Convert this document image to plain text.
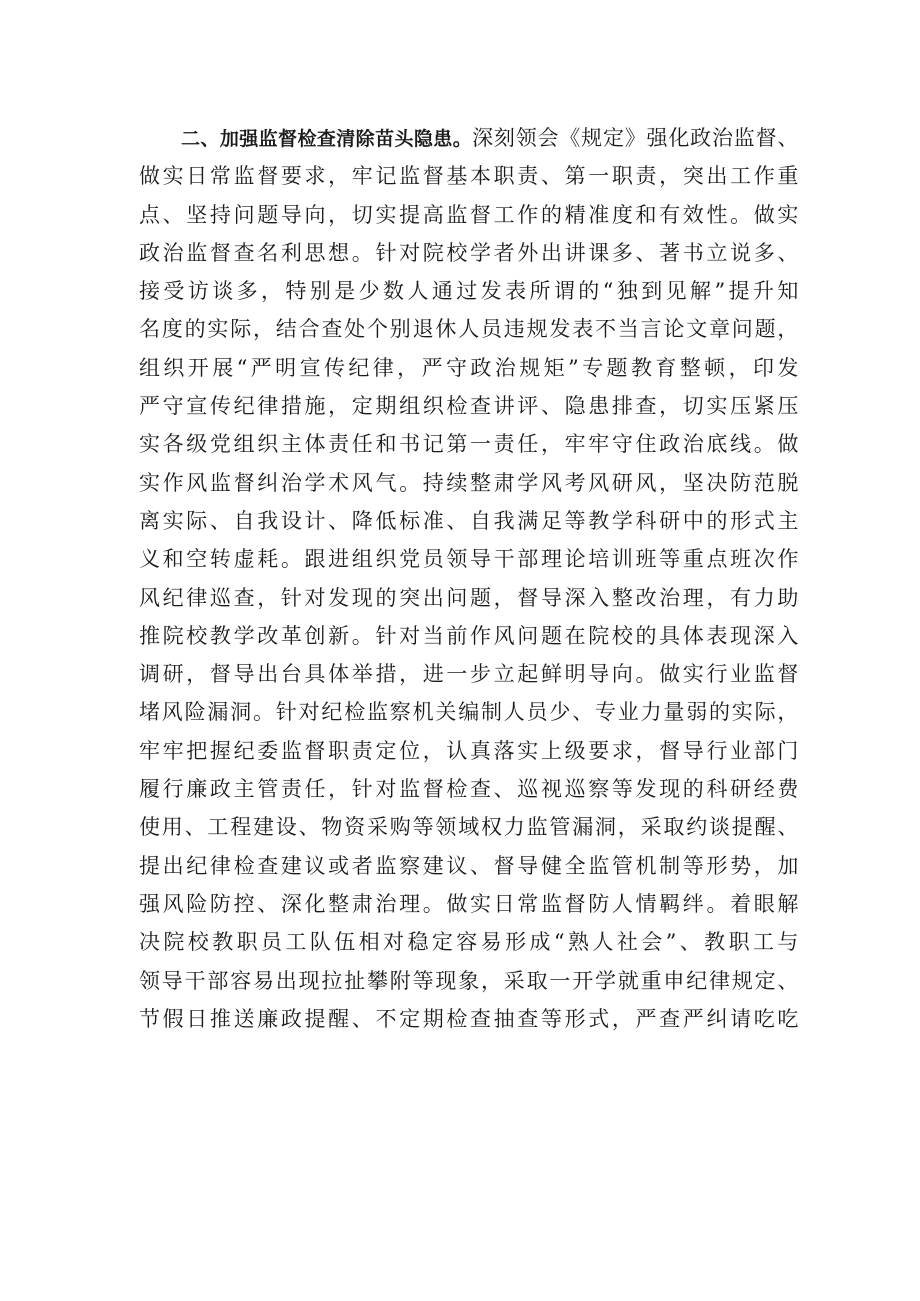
二、加强监督检查清除苗头隐患。深刻领会《规定》强化政治监督、
做实日常监督要求，牢记监督基本职责、第一职责，突出工作重
点、坚持问题导向，切实提高监督工作的精准度和有效性。做实
政治监督查名利思想。针对院校学者外出讲课多、著书立说多、
接受访谈多，特别是少数人通过发表所谓的“独到见解”提升知
名度的实际，结合查处个别退休人员违规发表不当言论文章问题，
组织开展“严明宣传纪律，严守政治规矩”专题教育整顿，印发
严守宣传纪律措施，定期组织检查讲评、隐患排查，切实压紧压
实各级党组织主体责任和书记第一责任，牢牢守住政治底线。做
实作风监督纠治学术风气。持续整肃学风考风研风，坚决防范脱
离实际、自我设计、降低标准、自我满足等教学科研中的形式主
义和空转虚耗。跟进组织党员领导干部理论培训班等重点班次作
风纪律巡查，针对发现的突出问题，督导深入整改治理，有力助
推院校教学改革创新。针对当前作风问题在院校的具体表现深入
调研，督导出台具体举措，进一步立起鲜明导向。做实行业监督
堵风险漏洞。针对纪检监察机关编制人员少、专业力量弱的实际，
牢牢把握纪委监督职责定位，认真落实上级要求，督导行业部门
履行廉政主管责任，针对监督检查、巡视巡察等发现的科研经费
使用、工程建设、物资采购等领域权力监管漏洞，采取约谈提醒、
提出纪律检查建议或者监察建议、督导健全监管机制等形势，加
强风险防控、深化整肃治理。做实日常监督防人情羁绊。着眼解
决院校教职员工队伍相对稳定容易形成“熟人社会”、教职工与
领导干部容易出现拉扯攀附等现象，采取一开学就重申纪律规定、
节假日推送廉政提醒、不定期检查抽查等形式，严查严纠请吃吃
